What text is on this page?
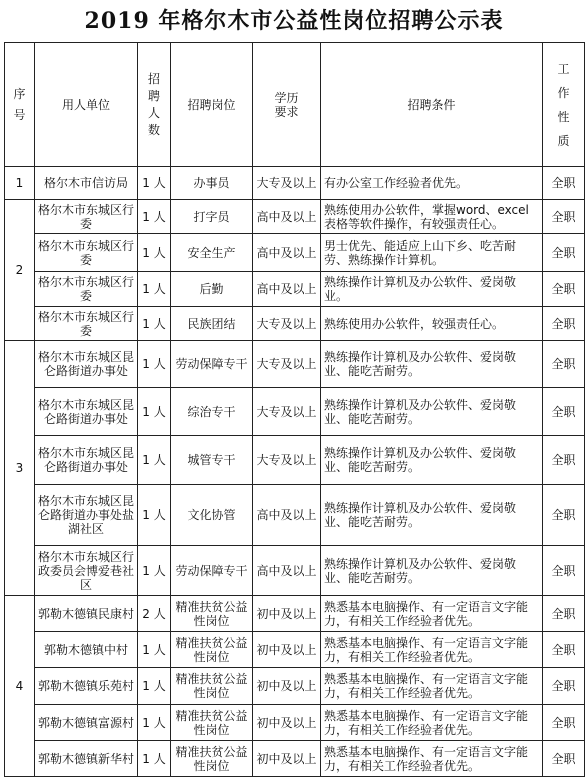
2019 年格尔木市公益性岗位招聘公示表
序号	用人单位	招聘人数	招聘岗位	学历要求	招聘条件	工作性质

1	格尔木市信访局	1 人	办事员	大专及以上	有办公室工作经验者优先。	全职
2	格尔木市东城区行委	1 人	打字员	高中及以上	熟练使用办公软件，掌握word、excel表格等软件操作，有较强责任心。	全职
	格尔木市东城区行委	1 人	安全生产	高中及以上	男士优先、能适应上山下乡、吃苦耐劳、熟练操作计算机。	全职
	格尔木市东城区行委	1 人	后勤	高中及以上	熟练操作计算机及办公软件、爱岗敬业。	全职
	格尔木市东城区行委	1 人	民族团结	大专及以上	熟练使用办公软件，较强责任心。	全职
3	格尔木市东城区昆仑路街道办事处	1 人	劳动保障专干	大专及以上	熟练操作计算机及办公软件、爱岗敬业、能吃苦耐劳。	全职
	格尔木市东城区昆仑路街道办事处	1 人	综治专干	大专及以上	熟练操作计算机及办公软件、爱岗敬业、能吃苦耐劳。	全职
	格尔木市东城区昆仑路街道办事处	1 人	城管专干	大专及以上	熟练操作计算机及办公软件、爱岗敬业、能吃苦耐劳。	全职
	格尔木市东城区昆仑路街道办事处盐湖社区	1 人	文化协管	高中及以上	熟练操作计算机及办公软件、爱岗敬业、能吃苦耐劳。	全职
	格尔木市东城区行政委员会博爱巷社区	1 人	劳动保障专干	高中及以上	熟练操作计算机及办公软件、爱岗敬业、能吃苦耐劳。	全职
4	郭勒木德镇民康村	2 人	精准扶贫公益性岗位	初中及以上	熟悉基本电脑操作、有一定语言文字能力，有相关工作经验者优先。	全职
	郭勒木德镇中村	1 人	精准扶贫公益性岗位	初中及以上	熟悉基本电脑操作、有一定语言文字能力，有相关工作经验者优先。	全职
	郭勒木德镇乐苑村	1 人	精准扶贫公益性岗位	初中及以上	熟悉基本电脑操作、有一定语言文字能力，有相关工作经验者优先。	全职
	郭勒木德镇富源村	1 人	精准扶贫公益性岗位	初中及以上	熟悉基本电脑操作、有一定语言文字能力，有相关工作经验者优先。	全职
	郭勒木德镇新华村	1 人	精准扶贫公益性岗位	初中及以上	熟悉基本电脑操作、有一定语言文字能力，有相关工作经验者优先。	全职
